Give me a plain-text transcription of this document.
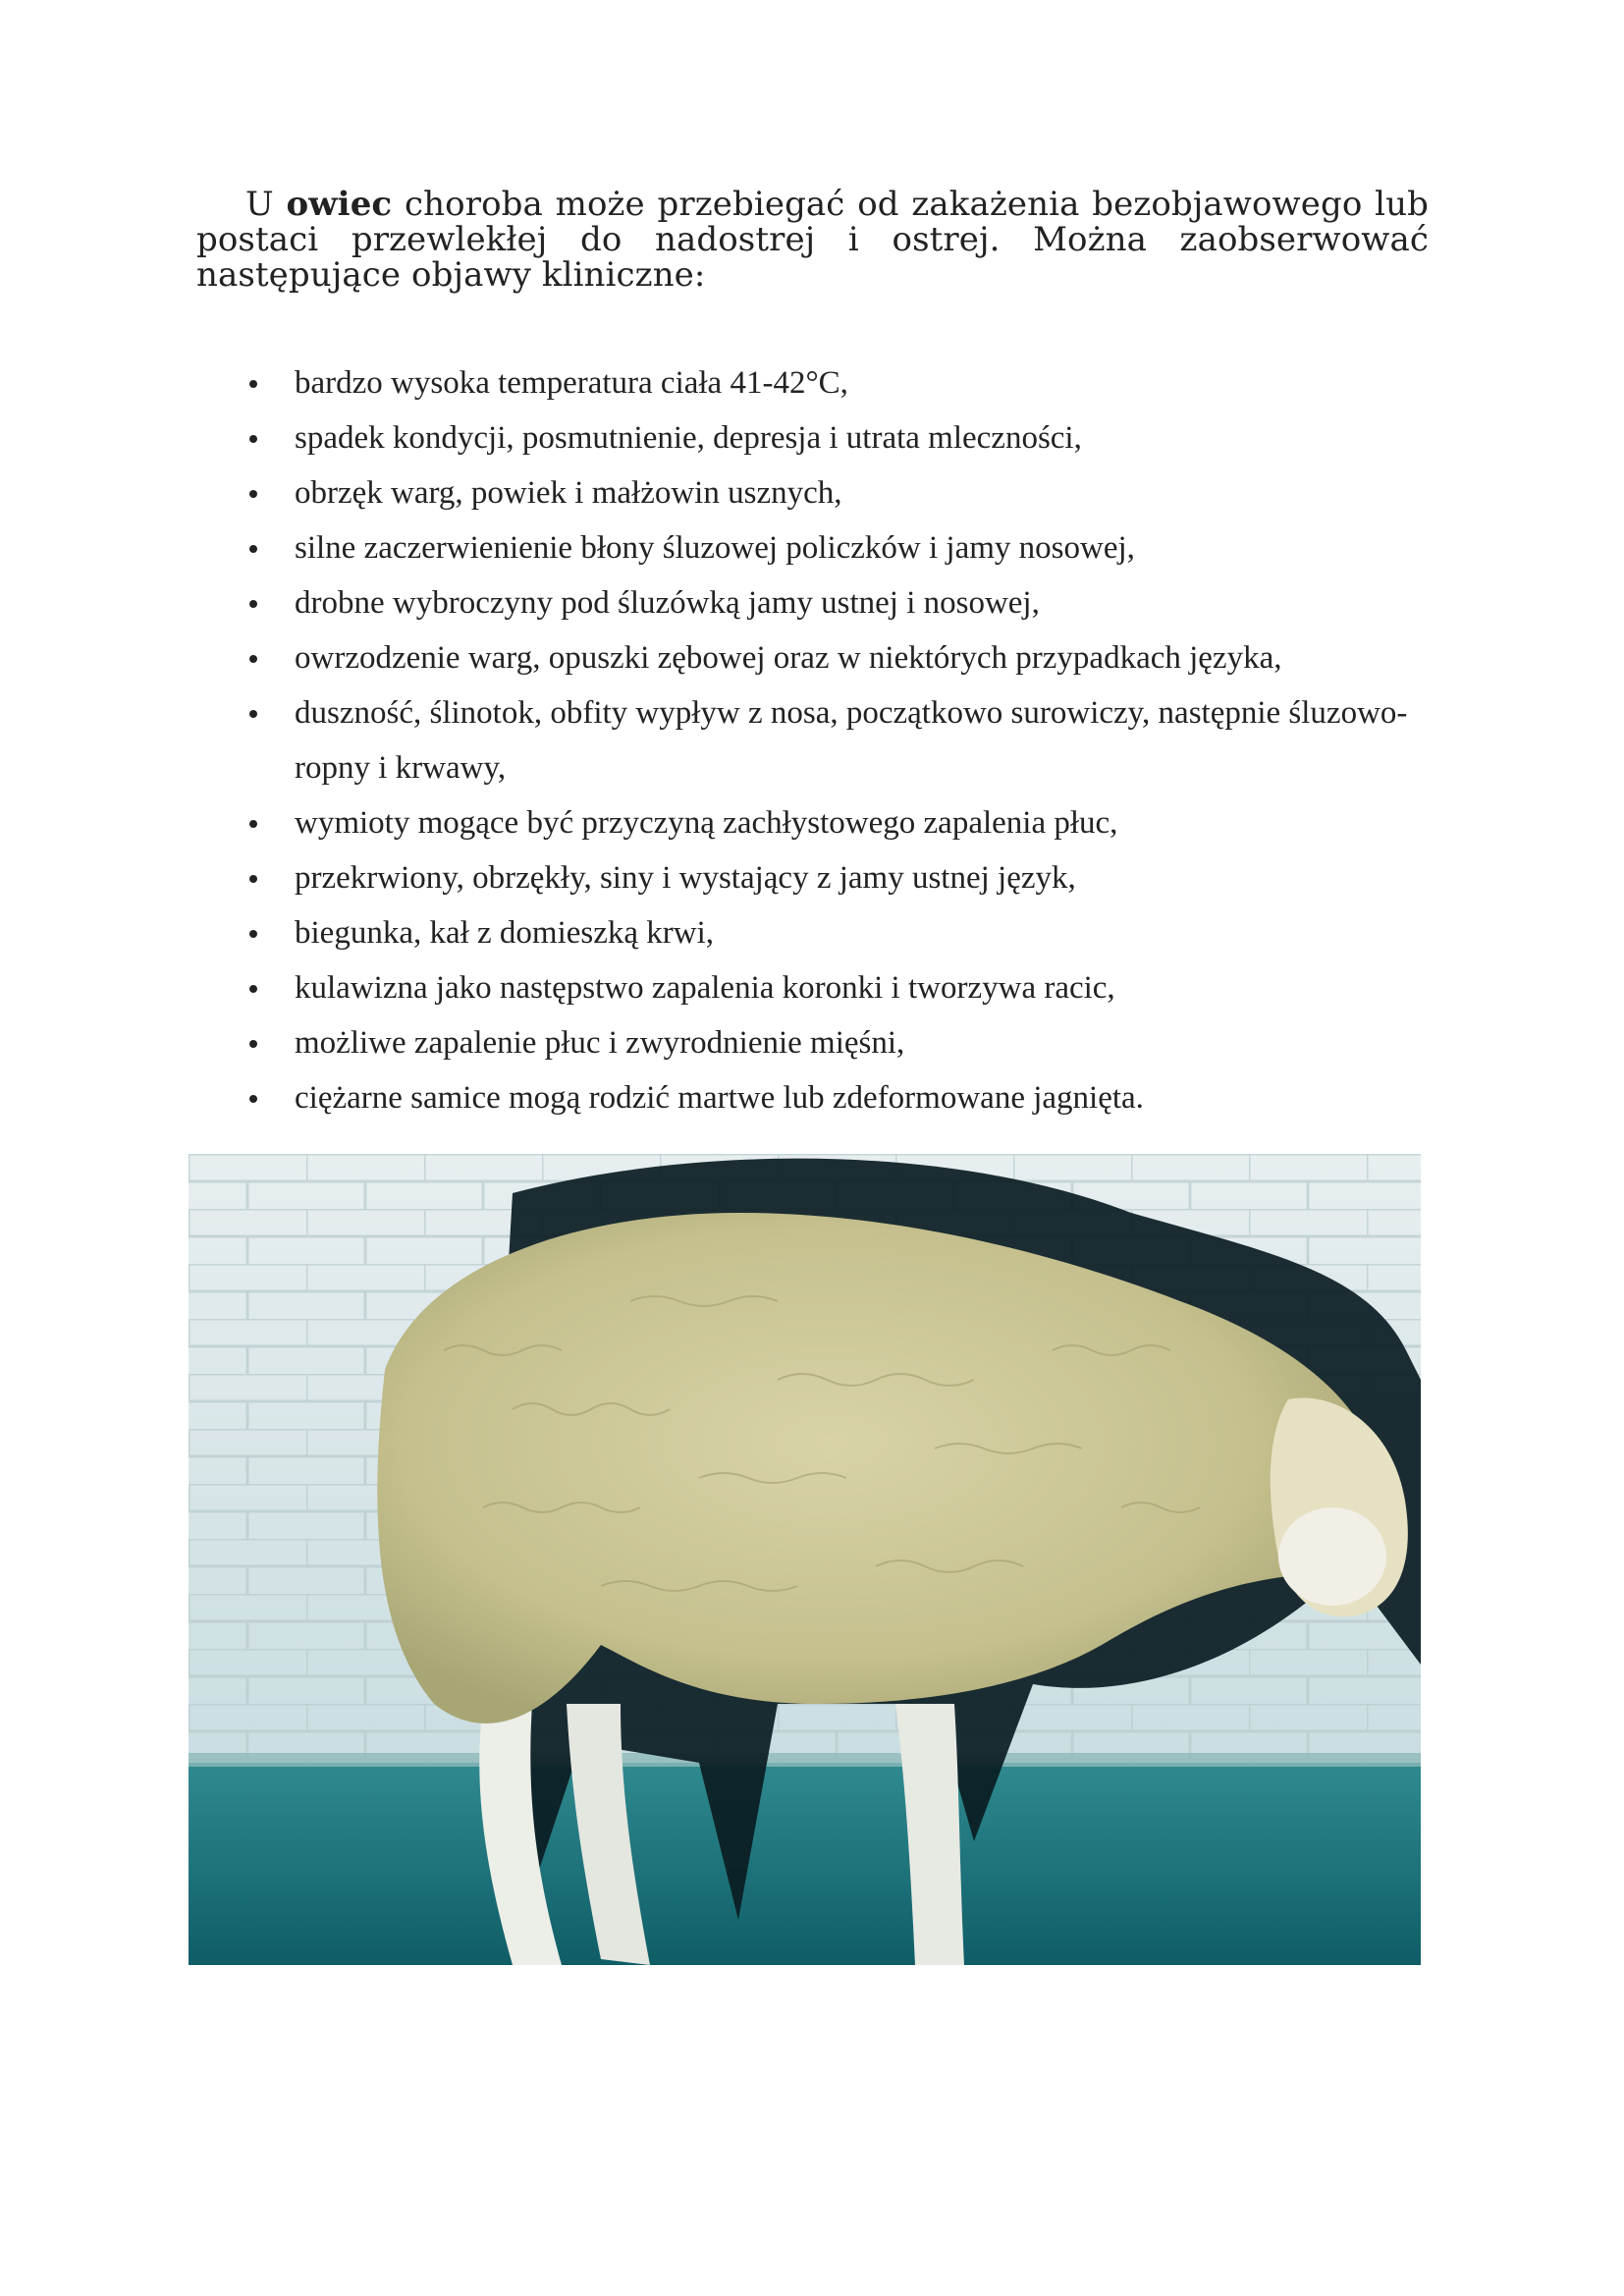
U owiec choroba może przebiegać od zakażenia bezobjawowego lub postaci przewlekłej do nadostrej i ostrej. Można zaobserwować następujące objawy kliniczne:

bardzo wysoka temperatura ciała 41-42°C,
spadek kondycji, posmutnienie, depresja i utrata mleczności,
obrzęk warg, powiek i małżowin usznych,
silne zaczerwienienie błony śluzowej policzków i jamy nosowej,
drobne wybroczyny pod śluzówką jamy ustnej i nosowej,
owrzodzenie warg, opuszki zębowej oraz w niektórych przypadkach języka,
duszność, ślinotok, obfity wypływ z nosa, początkowo surowiczy, następnie śluzowo-ropny i krwawy,
wymioty mogące być przyczyną zachłystowego zapalenia płuc,
przekrwiony, obrzękły, siny i wystający z jamy ustnej język,
biegunka, kał z domieszką krwi,
kulawizna jako następstwo zapalenia koronki i tworzywa racic,
możliwe zapalenie płuc i zwyrodnienie mięśni,
ciężarne samice mogą rodzić martwe lub zdeformowane jagnięta.
